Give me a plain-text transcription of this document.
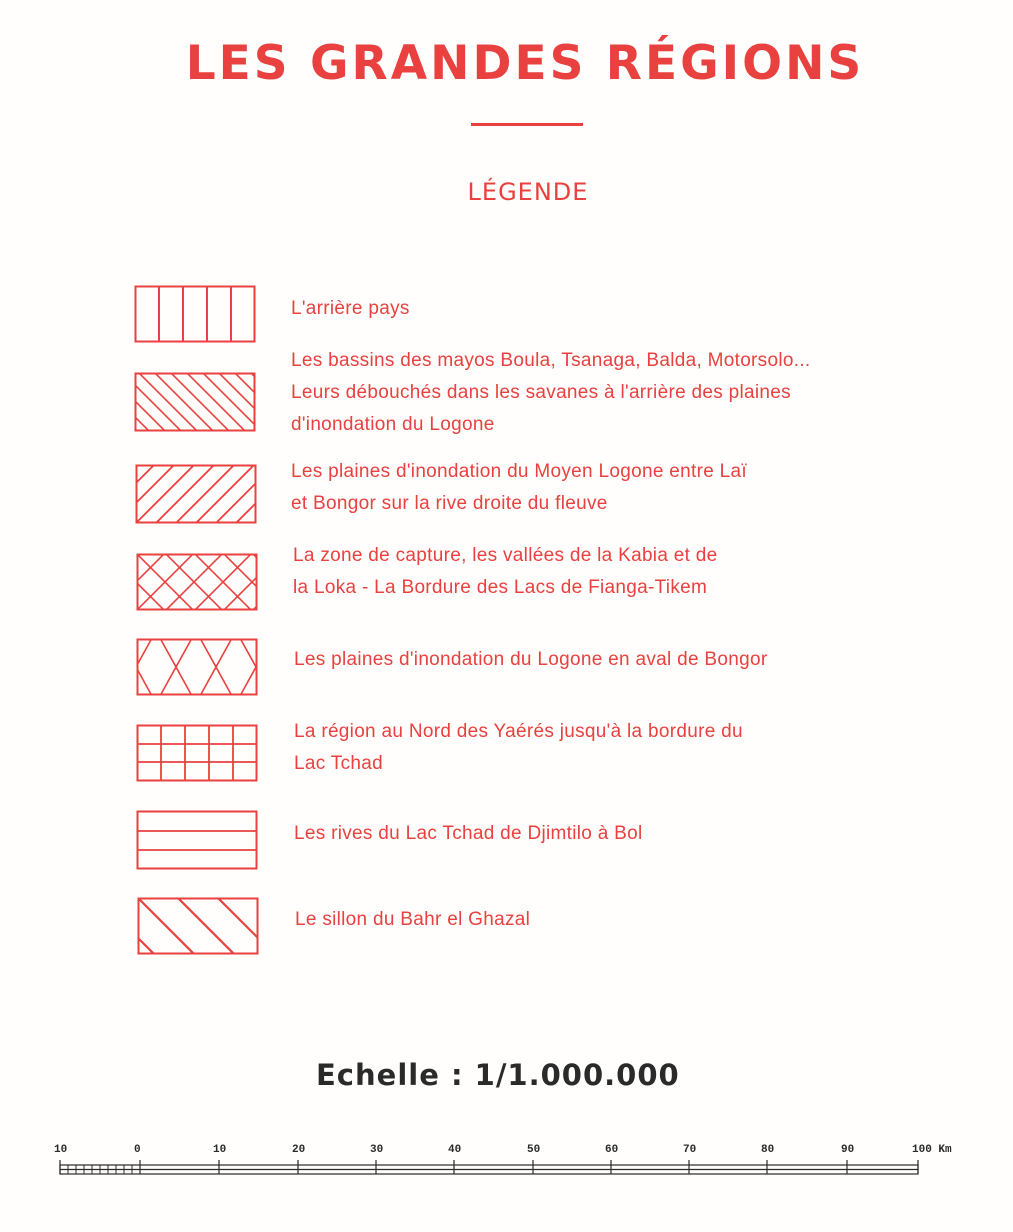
LES GRANDES RÉGIONS
LÉGENDE
L'arrière pays
Les bassins des mayos Boula, Tsanaga, Balda, Motorsolo...
Leurs débouchés dans les savanes à l'arrière des plaines
d'inondation du Logone
Les plaines d'inondation du Moyen Logone entre Laï
et Bongor sur la rive droite du fleuve
La zone de capture, les vallées de la Kabia et de
la Loka - La Bordure des Lacs de Fianga-Tikem
Les plaines d'inondation du Logone en aval de Bongor
La région au Nord des Yaérés jusqu'à la bordure du
Lac Tchad
Les rives du Lac Tchad de Djimtilo à Bol
Le sillon du Bahr el Ghazal
Echelle : 1/1.000.000
10	0	10	20	30	40	50	60	70	80	90	100 Km
